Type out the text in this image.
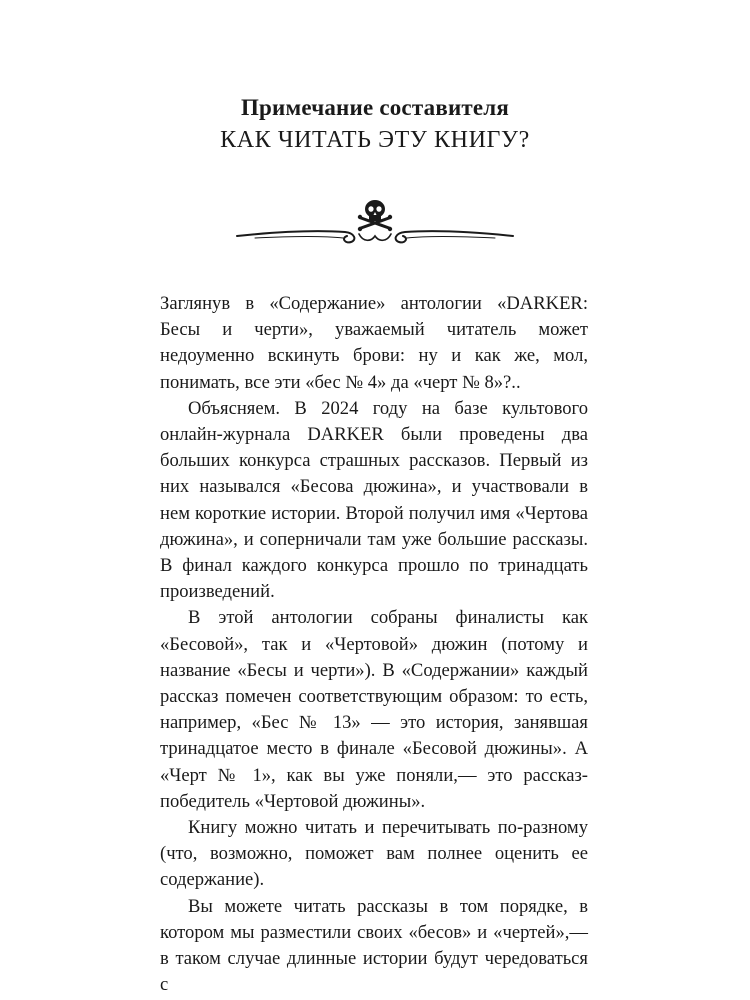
Примечание составителя
КАК ЧИТАТЬ ЭТУ КНИГУ?

Заглянув в «Содержание» антологии «DARKER: Бесы и черти», уважаемый читатель может недоуменно вскинуть брови: ну и как же, мол, понимать, все эти «бес № 4» да «черт № 8»?..

Объясняем. В 2024 году на базе культового онлайн-журнала DARKER были проведены два больших конкурса страшных рассказов. Первый из них назывался «Бесова дюжина», и участвовали в нем короткие истории. Второй получил имя «Чертова дюжина», и соперничали там уже большие рассказы. В финал каждого конкурса прошло по тринадцать произведений.

В этой антологии собраны финалисты как «Бесовой», так и «Чертовой» дюжин (потому и название «Бесы и черти»). В «Содержании» каждый рассказ помечен соответствующим образом: то есть, например, «Бес № 13» — это история, занявшая тринадцатое место в финале «Бесовой дюжины». А «Черт № 1», как вы уже поняли,— это рассказ-победитель «Чертовой дюжины».

Книгу можно читать и перечитывать по-разному (что, возможно, поможет вам полнее оценить ее содержание).

Вы можете читать рассказы в том порядке, в котором мы разместили своих «бесов» и «чертей»,— в таком случае длинные истории будут чередоваться с
